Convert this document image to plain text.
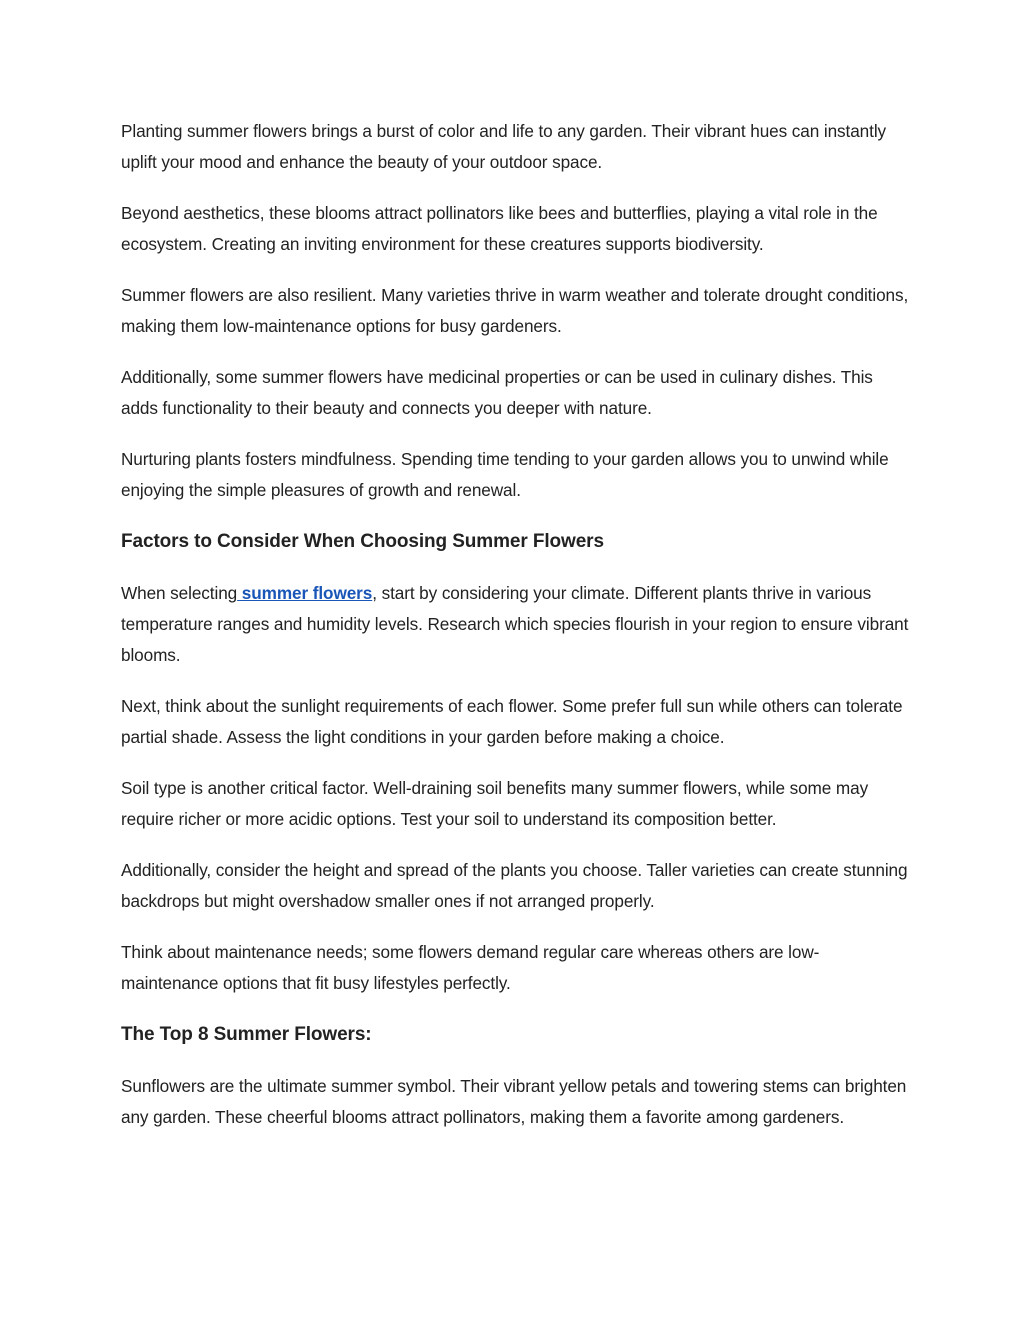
Planting summer flowers brings a burst of color and life to any garden. Their vibrant hues can instantly uplift your mood and enhance the beauty of your outdoor space.

Beyond aesthetics, these blooms attract pollinators like bees and butterflies, playing a vital role in the ecosystem. Creating an inviting environment for these creatures supports biodiversity.

Summer flowers are also resilient. Many varieties thrive in warm weather and tolerate drought conditions, making them low-maintenance options for busy gardeners.

Additionally, some summer flowers have medicinal properties or can be used in culinary dishes. This adds functionality to their beauty and connects you deeper with nature.

Nurturing plants fosters mindfulness. Spending time tending to your garden allows you to unwind while enjoying the simple pleasures of growth and renewal.

Factors to Consider When Choosing Summer Flowers

When selecting summer flowers, start by considering your climate. Different plants thrive in various temperature ranges and humidity levels. Research which species flourish in your region to ensure vibrant blooms.

Next, think about the sunlight requirements of each flower. Some prefer full sun while others can tolerate partial shade. Assess the light conditions in your garden before making a choice.

Soil type is another critical factor. Well-draining soil benefits many summer flowers, while some may require richer or more acidic options. Test your soil to understand its composition better.

Additionally, consider the height and spread of the plants you choose. Taller varieties can create stunning backdrops but might overshadow smaller ones if not arranged properly.

Think about maintenance needs; some flowers demand regular care whereas others are low-maintenance options that fit busy lifestyles perfectly.

The Top 8 Summer Flowers:

Sunflowers are the ultimate summer symbol. Their vibrant yellow petals and towering stems can brighten any garden. These cheerful blooms attract pollinators, making them a favorite among gardeners.
